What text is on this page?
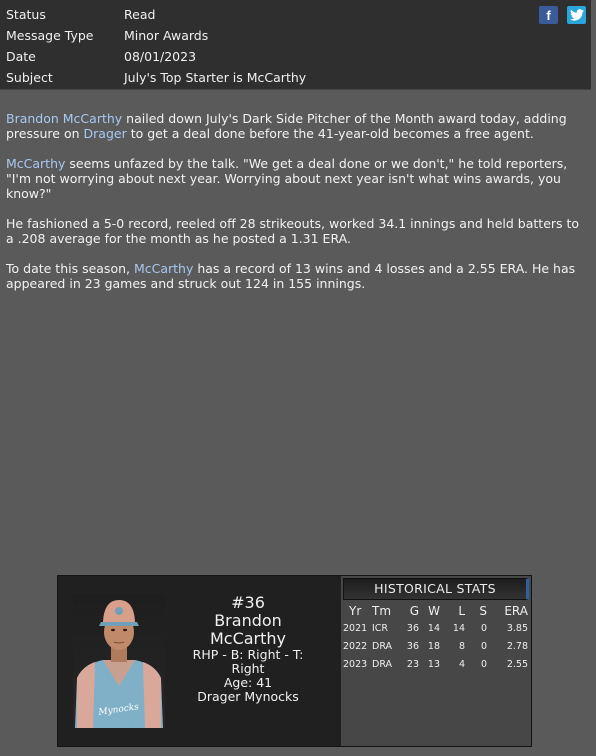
Status	Read
Message Type	Minor Awards
Date	08/01/2023
Subject	July's Top Starter is McCarthy
f

Brandon McCarthy nailed down July's Dark Side Pitcher of the Month award today, adding pressure on Drager to get a deal done before the 41-year-old becomes a free agent.

McCarthy seems unfazed by the talk. "We get a deal done or we don't," he told reporters, "I'm not worrying about next year. Worrying about next year isn't what wins awards, you know?"

He fashioned a 5-0 record, reeled off 28 strikeouts, worked 34.1 innings and held batters to a .208 average for the month as he posted a 1.31 ERA.

To date this season, McCarthy has a record of 13 wins and 4 losses and a 2.55 ERA. He has appeared in 23 games and struck out 124 in 155 innings.

Mynocks
#36
Brandon
McCarthy
RHP - B: Right - T: Right
Age: 41
Drager Mynocks
HISTORICAL STATS
Yr Tm	G W	L	S	ERA
2021 ICR	36 14	14	0	3.85
2022 DRA	36 18	8	0	2.78
2023 DRA	23 13	4	0	2.55
